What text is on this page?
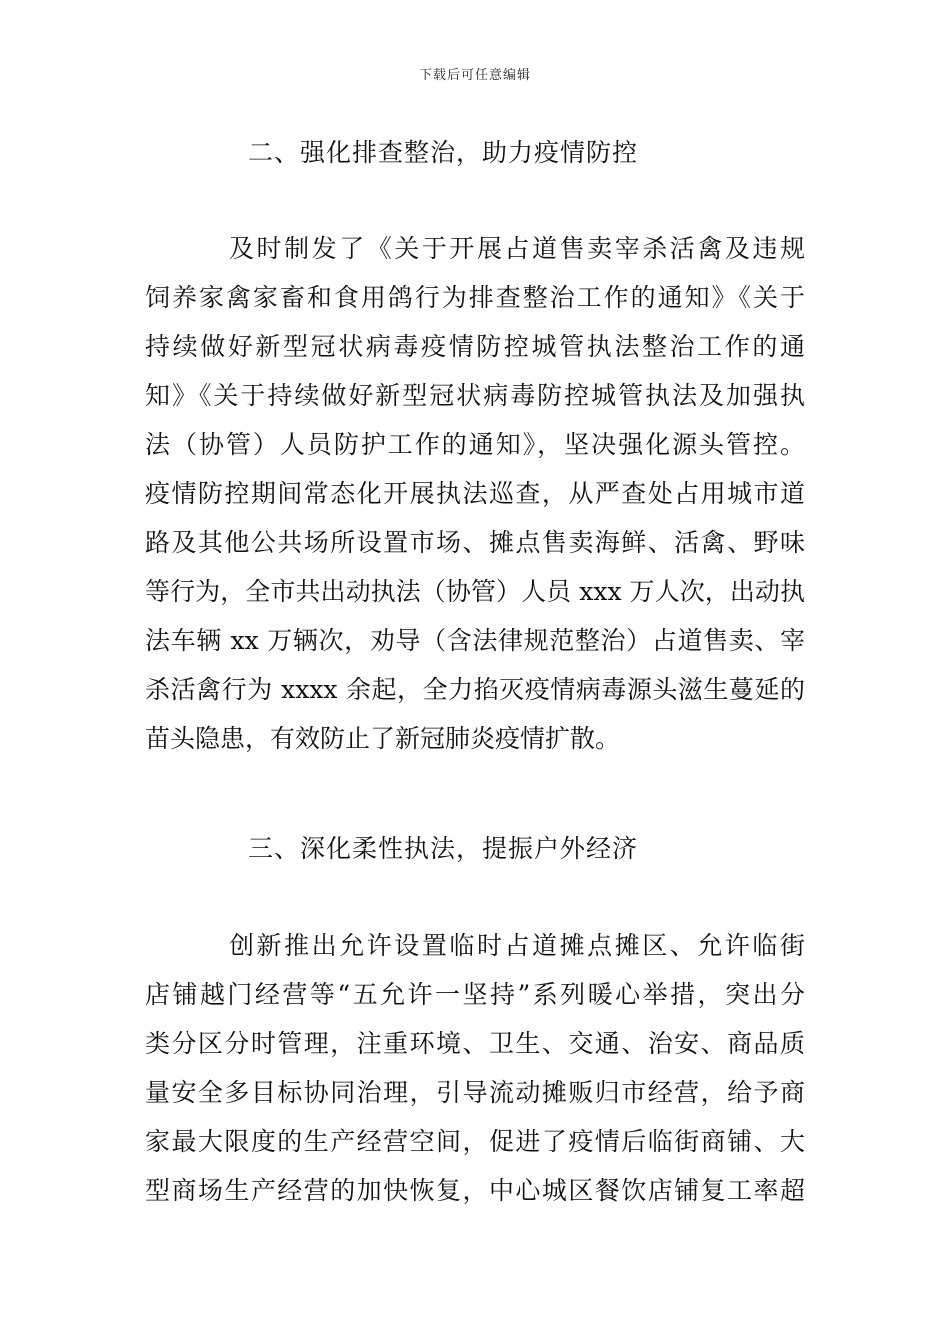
下载后可任意编辑
二、强化排查整治，助力疫情防控
及时制发了《关于开展占道售卖宰杀活禽及违规
饲养家禽家畜和食用鸽行为排查整治工作的通知》《关于
持续做好新型冠状病毒疫情防控城管执法整治工作的通
知》《关于持续做好新型冠状病毒防控城管执法及加强执
法（协管）人员防护工作的通知》，坚决强化源头管控。
疫情防控期间常态化开展执法巡查，从严查处占用城市道
路及其他公共场所设置市场、摊点售卖海鲜、活禽、野味
等行为，全市共出动执法（协管）人员 xxx 万人次，出动执
法车辆 xx 万辆次，劝导（含法律规范整治）占道售卖、宰
杀活禽行为 xxxx 余起，全力掐灭疫情病毒源头滋生蔓延的
苗头隐患，有效防止了新冠肺炎疫情扩散。
三、深化柔性执法，提振户外经济
创新推出允许设置临时占道摊点摊区、允许临街
店铺越门经营等“五允许一坚持”系列暖心举措，突出分
类分区分时管理，注重环境、卫生、交通、治安、商品质
量安全多目标协同治理，引导流动摊贩归市经营，给予商
家最大限度的生产经营空间，促进了疫情后临街商铺、大
型商场生产经营的加快恢复，中心城区餐饮店铺复工率超
